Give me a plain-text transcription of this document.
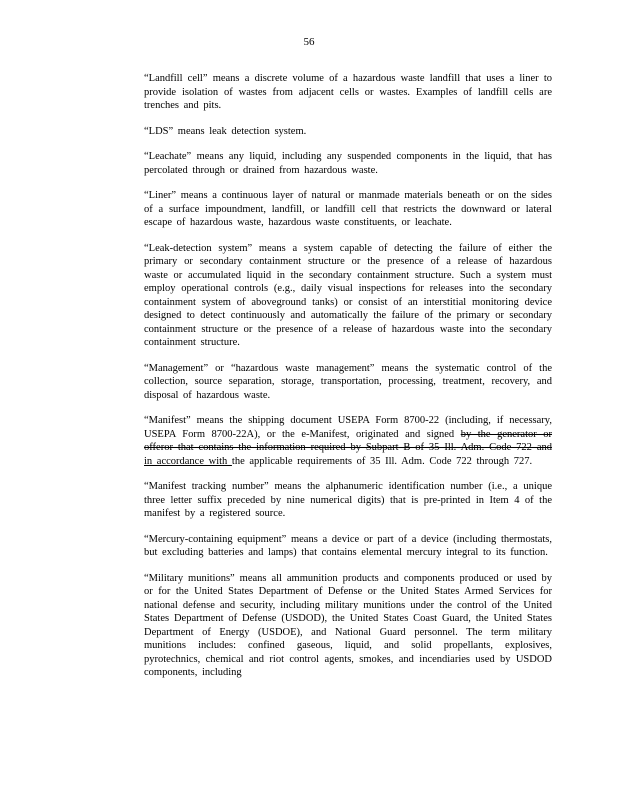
56

“Landfill cell” means a discrete volume of a hazardous waste landfill that uses a liner to provide isolation of wastes from adjacent cells or wastes. Examples of landfill cells are trenches and pits.

“LDS” means leak detection system.

“Leachate” means any liquid, including any suspended components in the liquid, that has percolated through or drained from hazardous waste.

“Liner” means a continuous layer of natural or manmade materials beneath or on the sides of a surface impoundment, landfill, or landfill cell that restricts the downward or lateral escape of hazardous waste, hazardous waste constituents, or leachate.

“Leak-detection system” means a system capable of detecting the failure of either the primary or secondary containment structure or the presence of a release of hazardous waste or accumulated liquid in the secondary containment structure. Such a system must employ operational controls (e.g., daily visual inspections for releases into the secondary containment system of aboveground tanks) or consist of an interstitial monitoring device designed to detect continuously and automatically the failure of the primary or secondary containment structure or the presence of a release of hazardous waste into the secondary containment structure.

“Management” or “hazardous waste management” means the systematic control of the collection, source separation, storage, transportation, processing, treatment, recovery, and disposal of hazardous waste.

“Manifest” means the shipping document USEPA Form 8700-22 (including, if necessary, USEPA Form 8700-22A), or the e-Manifest, originated and signed by the generator or offeror that contains the information required by Subpart B of 35 Ill. Adm. Code 722 and in accordance with the applicable requirements of 35 Ill. Adm. Code 722 through 727.

“Manifest tracking number” means the alphanumeric identification number (i.e., a unique three letter suffix preceded by nine numerical digits) that is pre-printed in Item 4 of the manifest by a registered source.

“Mercury-containing equipment” means a device or part of a device (including thermostats, but excluding batteries and lamps) that contains elemental mercury integral to its function.

“Military munitions” means all ammunition products and components produced or used by or for the United States Department of Defense or the United States Armed Services for national defense and security, including military munitions under the control of the United States Department of Defense (USDOD), the United States Coast Guard, the United States Department of Energy (USDOE), and National Guard personnel. The term military munitions includes: confined gaseous, liquid, and solid propellants, explosives, pyrotechnics, chemical and riot control agents, smokes, and incendiaries used by USDOD components, including
